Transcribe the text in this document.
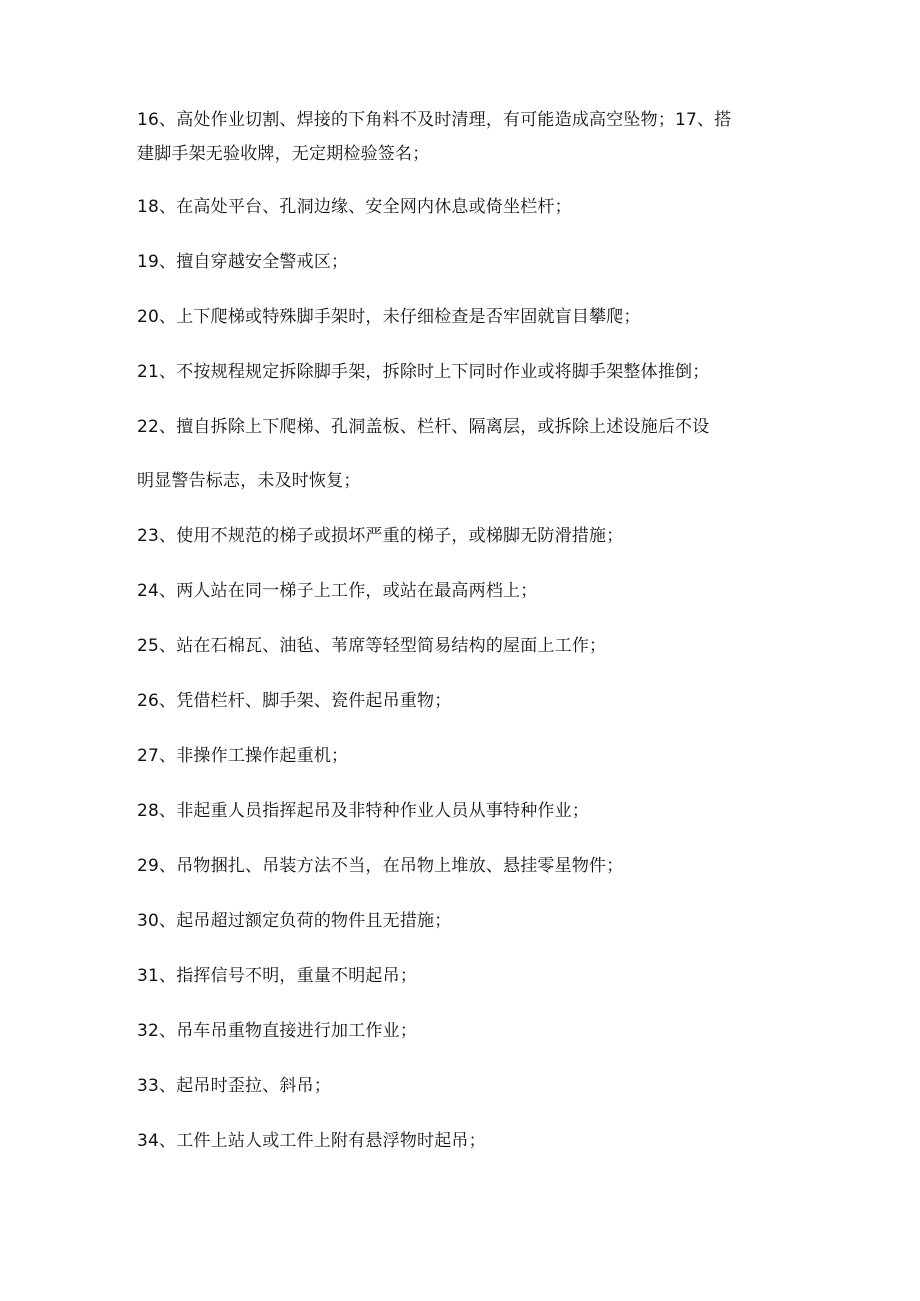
16、高处作业切割、焊接的下角料不及时清理，有可能造成高空坠物；17、搭
建脚手架无验收牌，无定期检验签名；
18、在高处平台、孔洞边缘、安全网内休息或倚坐栏杆；
19、擅自穿越安全警戒区；
20、上下爬梯或特殊脚手架时，未仔细检查是否牢固就盲目攀爬；
21、不按规程规定拆除脚手架，拆除时上下同时作业或将脚手架整体推倒；
22、擅自拆除上下爬梯、孔洞盖板、栏杆、隔离层，或拆除上述设施后不设
明显警告标志，未及时恢复；
23、使用不规范的梯子或损坏严重的梯子，或梯脚无防滑措施；
24、两人站在同一梯子上工作，或站在最高两档上；
25、站在石棉瓦、油毡、苇席等轻型简易结构的屋面上工作；
26、凭借栏杆、脚手架、瓷件起吊重物；
27、非操作工操作起重机；
28、非起重人员指挥起吊及非特种作业人员从事特种作业；
29、吊物捆扎、吊装方法不当，在吊物上堆放、悬挂零星物件；
30、起吊超过额定负荷的物件且无措施；
31、指挥信号不明，重量不明起吊；
32、吊车吊重物直接进行加工作业；
33、起吊时歪拉、斜吊；
34、工件上站人或工件上附有悬浮物时起吊；
